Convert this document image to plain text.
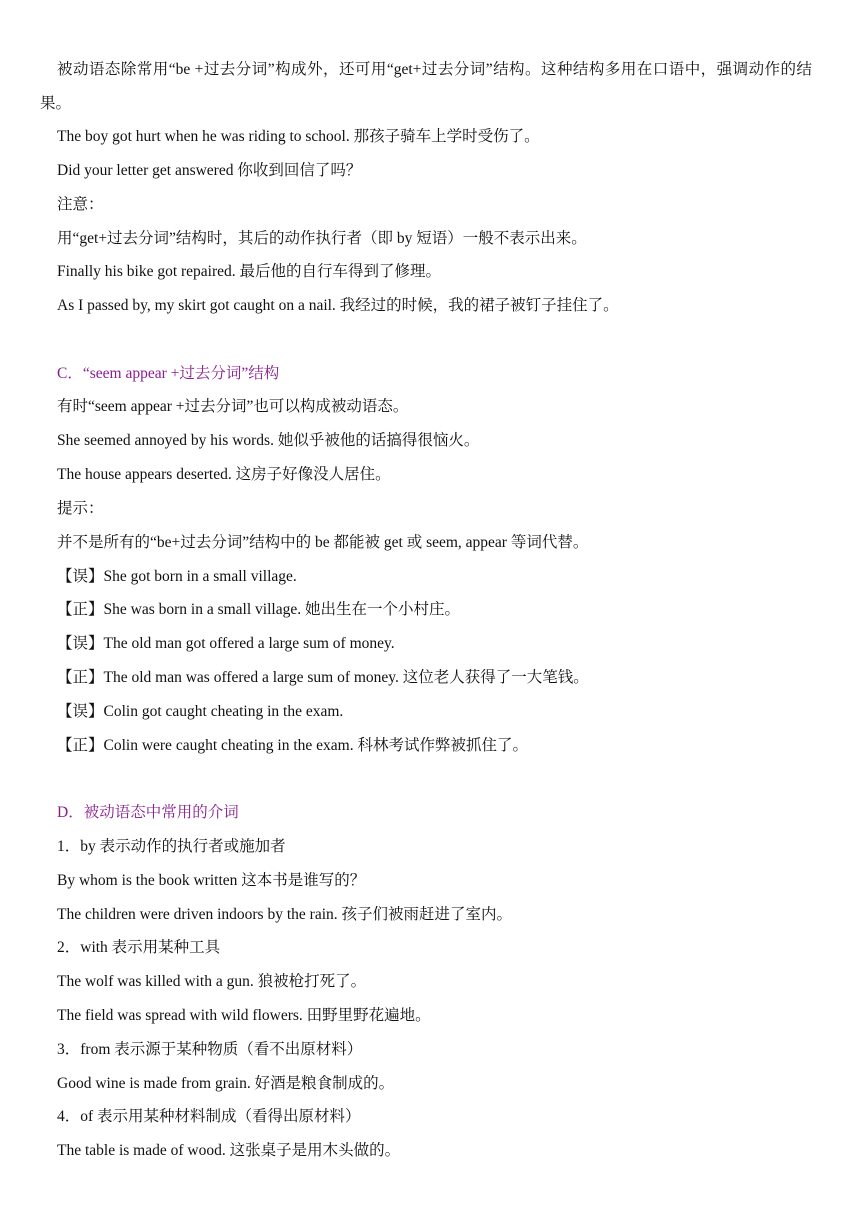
被动语态除常用“be +过去分词”构成外，还可用“get+过去分词”结构。这种结构多用在口语中，强调动作的结果。
The boy got hurt when he was riding to school. 那孩子骑车上学时受伤了。
Did your letter get answered 你收到回信了吗？
注意：
用“get+过去分词”结构时，其后的动作执行者（即 by 短语）一般不表示出来。
Finally his bike got repaired. 最后他的自行车得到了修理。
As I passed by, my skirt got caught on a nail. 我经过的时候，我的裙子被钉子挂住了。
C．“seem appear +过去分词”结构
有时“seem appear +过去分词”也可以构成被动语态。
She seemed annoyed by his words. 她似乎被他的话搞得很恼火。
The house appears deserted. 这房子好像没人居住。
提示：
并不是所有的“be+过去分词”结构中的 be 都能被 get 或 seem, appear 等词代替。
【误】She got born in a small village.
【正】She was born in a small village. 她出生在一个小村庄。
【误】The old man got offered a large sum of money.
【正】The old man was offered a large sum of money. 这位老人获得了一大笔钱。
【误】Colin got caught cheating in the exam.
【正】Colin were caught cheating in the exam. 科林考试作弊被抓住了。
D．被动语态中常用的介词
1．by 表示动作的执行者或施加者
By whom is the book written 这本书是谁写的？
The children were driven indoors by the rain. 孩子们被雨赶进了室内。
2．with 表示用某种工具
The wolf was killed with a gun. 狼被枪打死了。
The field was spread with wild flowers. 田野里野花遍地。
3．from 表示源于某种物质（看不出原材料）
Good wine is made from grain. 好酒是粮食制成的。
4．of 表示用某种材料制成（看得出原材料）
The table is made of wood. 这张桌子是用木头做的。
